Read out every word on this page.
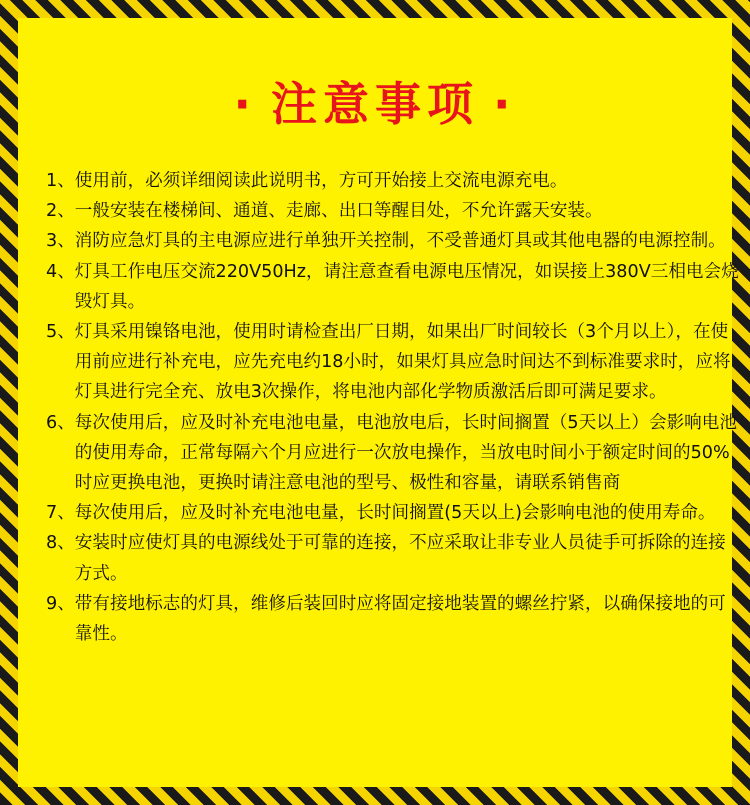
· 注意事项 ·
1、 使用前，必须详细阅读此说明书，方可开始接上交流电源充电。
2、 一般安装在楼梯间、通道、走廊、出口等醒目处，不允许露天安装。
3、 消防应急灯具的主电源应进行单独开关控制，不受普通灯具或其他电器的电源控制。
4、 灯具工作电压交流220V50Hz，请注意查看电源电压情况，如误接上380V三相电会烧毁灯具。
5、 灯具采用镍铬电池，使用时请检查出厂日期，如果出厂时间较长（3个月以上），在使用前应进行补充电，应先充电约18小时，如果灯具应急时间达不到标准要求时，应将灯具进行完全充、放电3次操作，将电池内部化学物质激活后即可满足要求。
6、 每次使用后，应及时补充电池电量，电池放电后，长时间搁置（5天以上）会影响电池的使用寿命，正常每隔六个月应进行一次放电操作，当放电时间小于额定时间的50%时应更换电池，更换时请注意电池的型号、极性和容量，请联系销售商
7、 每次使用后，应及时补充电池电量，长时间搁置(5天以上)会影响电池的使用寿命。
8、 安装时应使灯具的电源线处于可靠的连接，不应采取让非专业人员徒手可拆除的连接方式。
9、 带有接地标志的灯具，维修后装回时应将固定接地装置的螺丝拧紧，以确保接地的可靠性。
